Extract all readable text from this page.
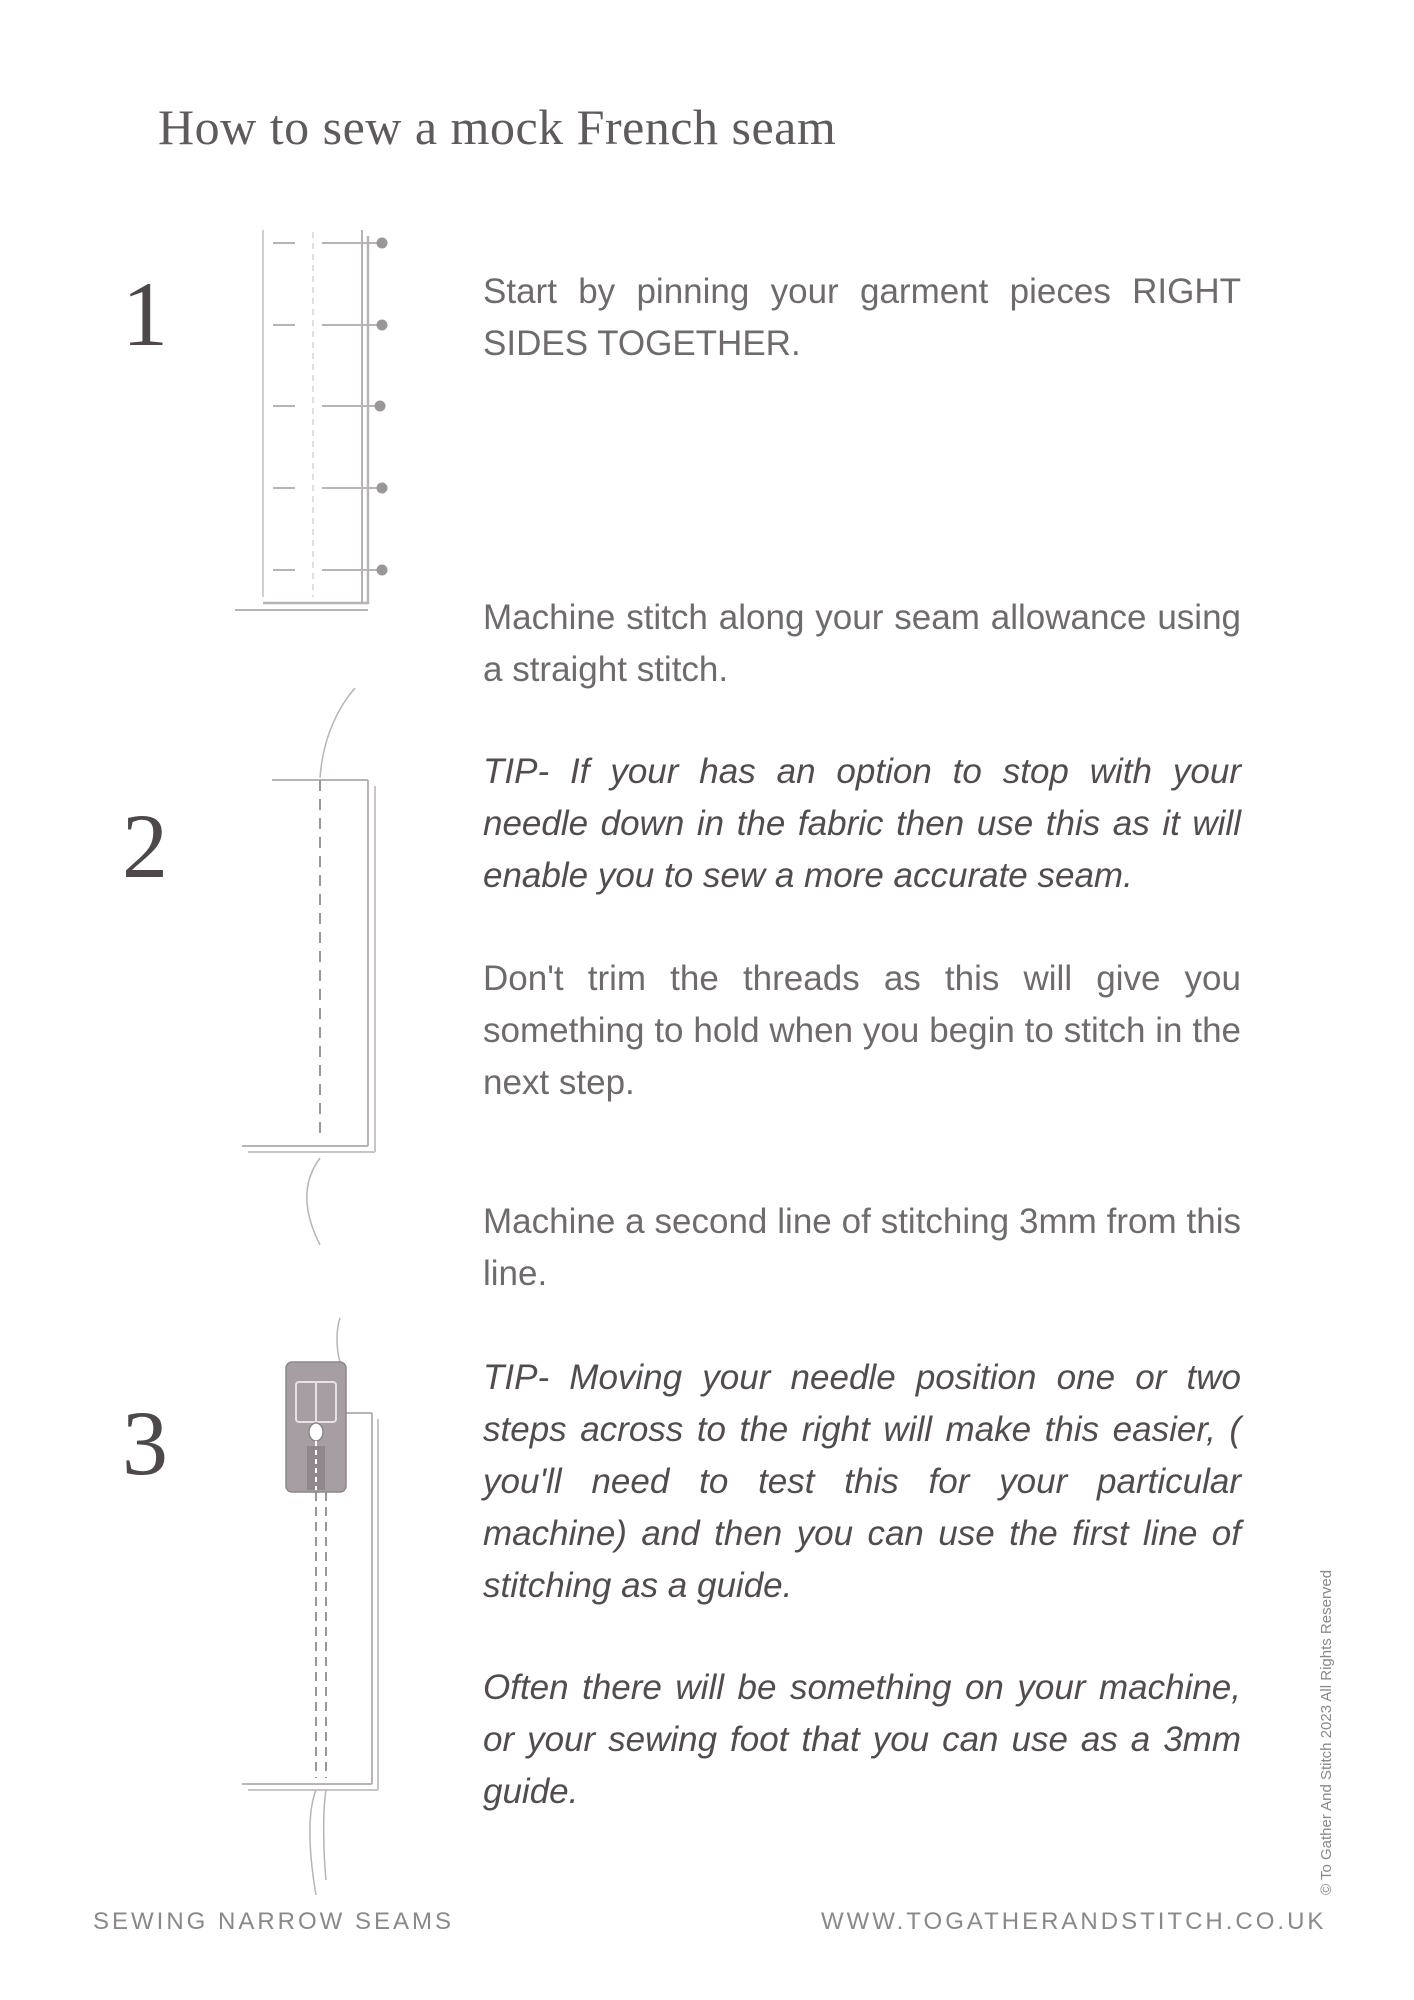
How to sew a mock French seam
1
2
3

Start by pinning your garment pieces RIGHT SIDES TOGETHER.

Machine stitch along your seam allowance using a straight stitch.

TIP- If your has an option to stop with your needle down in the fabric then use this as it will enable you to sew a more accurate seam.

Don't trim the threads as this will give you something to hold when you begin to stitch in the next step.

Machine a second line of stitching 3mm from this line.

TIP- Moving your needle position one or two steps across to the right will make this easier, ( you'll need to test this for your particular machine) and then you can use the first line of stitching as a guide.

Often there will be something on your machine, or your sewing foot that you can use as a 3mm guide.

SEWING NARROW SEAMS	WWW.TOGATHERANDSTITCH.CO.UK
© To Gather And Stitch 2023 All Rights Reserved
